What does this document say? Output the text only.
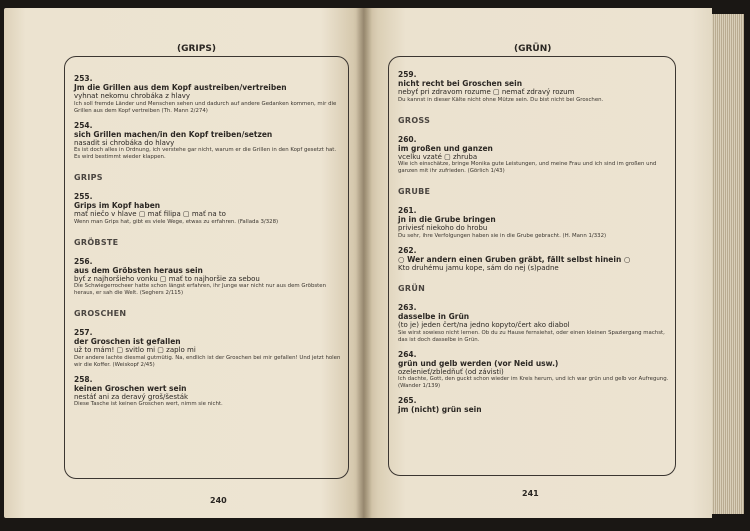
(GRIPS)
253.
Jm die Grillen aus dem Kopf austreiben/vertreiben
vyhnat nekomu chrobáka z hlavy
Ich soll fremde Länder und Menschen sehen und dadurch auf andere Gedanken kommen, mir die Grillen aus dem Kopf vertreiben (Th. Mann 2/274)
254.
sich Grillen machen/in den Kopf treiben/setzen
nasadit si chrobáka do hlavy
Es ist doch alles in Ordnung, ich verstehe gar nicht, warum er die Grillen in den Kopf gesetzt hat. Es wird bestimmt wieder klappen.
GRIPS
255.
Grips im Kopf haben
mať niečo v hlave ▢ mať filipa ▢ mať na to
Wenn man Grips hat, gibt es viele Wege, etwas zu erfahren. (Fallada 3/328)
GRÖBSTE
256.
aus dem Gröbsten heraus sein
byť z najhoršieho vonku ▢ mať to najhoršie za sebou
Die Schwiegerrocheer hatte schon längst erfahren, ihr Junge war nicht nur aus dem Gröbsten heraus, er sah die Welt. (Seghers 2/115)
GROSCHEN
257.
der Groschen ist gefallen
už to mám! ▢ svitlo mi ▢ zaplo mi
Der andere lachte diesmal gutmütig. Na, endlich ist der Groschen bei mir gefallen! Und jetzt holen wir die Koffer. (Weiskopf 2/45)
258.
keinen Groschen wert sein
nestáť ani za deravý groš/šesták
Diese Tasche ist keinen Groschen wert, nimm sie nicht.
240
(GRÜN)
259.
nicht recht bei Groschen sein
nebyť pri zdravom rozume ▢ nemať zdravý rozum
Du kannst in dieser Kälte nicht ohne Mütze sein. Du bist nicht bei Groschen.
GROSS
260.
im großen und ganzen
vcelku vzaté ▢ zhruba
Wie ich einschätze, bringe Monika gute Leistungen, und meine Frau und ich sind im großen und ganzen mit ihr zufrieden. (Görlich 1/43)
GRUBE
261.
jn in die Grube bringen
priviesť niekoho do hrobu
Du sehr, ihre Verfolgungen haben sie in die Grube gebracht. (H. Mann 1/332)
262.
○ Wer andern einen Gruben gräbt, fällt selbst hinein ○
Kto druhému jamu kope, sám do nej (s)padne
GRÜN
263.
dasselbe in Grün
(to je) jeden čert/na jedno kopyto/čert ako diabol
Sie wirst sowieso nicht lernen. Ob du zu Hause fernsiehst, oder einen kleinen Spaziergang machst, das ist doch dasselbe in Grün.
264.
grün und gelb werden (vor Neid usw.)
ozelenieť/zbledňuť (od závisti)
Ich dachte, Gott, den guckt schon wieder im Kreis herum, und ich war grün und gelb vor Aufregung. (Wander 1/139)
265.
jm (nicht) grün sein
241
